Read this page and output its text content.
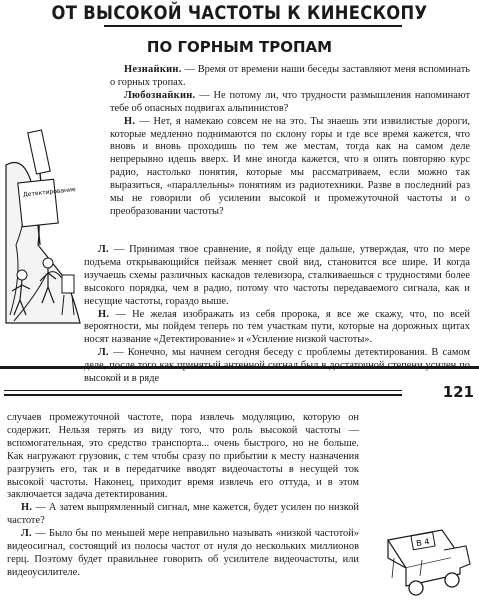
ОТ ВЫСОКОЙ ЧАСТОТЫ К КИНЕСКОПУ
ПО ГОРНЫМ ТРОПАМ
Детектирование

Незнайкин. — Время от времени наши беседы заставляют меня вспоминать о горных тропах.

Любознайкин. — Не потому ли, что трудности размышления напоминают тебе об опасных подвигах альпинистов?

Н. — Нет, я намекаю совсем не на это. Ты знаешь эти извилистые дороги, которые медленно поднимаются по склону горы и где все время кажется, что вновь и вновь проходишь по тем же местам, тогда как на самом деле непрерывно идешь вверх. И мне иногда кажется, что я опять повторяю курс радио, настолько понятия, которые мы рассматриваем, если можно так выразиться, «параллельны» понятиям из радиотехники. Разве в последний раз мы не говорили об усилении высокой и промежуточной частоты и о преобразовании частоты?

Л. — Принимая твое сравнение, я пойду еще дальше, утверждая, что по мере подъема открывающийся пейзаж меняет свой вид, становится все шире. И когда изучаешь схемы различных каскадов телевизора, сталкиваешься с трудностями более высокого порядка, чем в радио, потому что частоты передаваемого сигнала, как и несущие частоты, гораздо выше.

Н. — Не желая изображать из себя пророка, я все же скажу, что, по всей вероятности, мы пойдем теперь по тем участкам пути, которые на дорожных щитах носят название «Детектирование» и «Усиление низкой частоты».

Л. — Конечно, мы начнем сегодня беседу с проблемы детектирования. В самом высокой и в ряде

121

случаев промежуточной частоте, пора извлечь модуляцию, которую он содержит. Нельзя терять из виду того, что роль высокой частоты — вспомогательная, это средство транспорта... очень быстрого, но не больше. Как нагружают грузовик, с тем чтобы сразу по прибытии к месту назначения разгрузить его, так и в передатчике вводят видеочастоты в несущей ток высокой частоты. Наконец, приходит время извлечь его оттуда, и в этом заключается задача детектирования.

Н. — А затем выпрямленный сигнал, мне кажется, будет усилен по низкой частоте?

Л. — Было бы по меньшей мере неправильно называть «низкой частотой» видеосигнал, состоящий из полосы частот от нуля до нескольких миллионов герц. Поэтому будет правильнее говорить об усилителе видеочастоты, или видеоусилителе.

В 4
